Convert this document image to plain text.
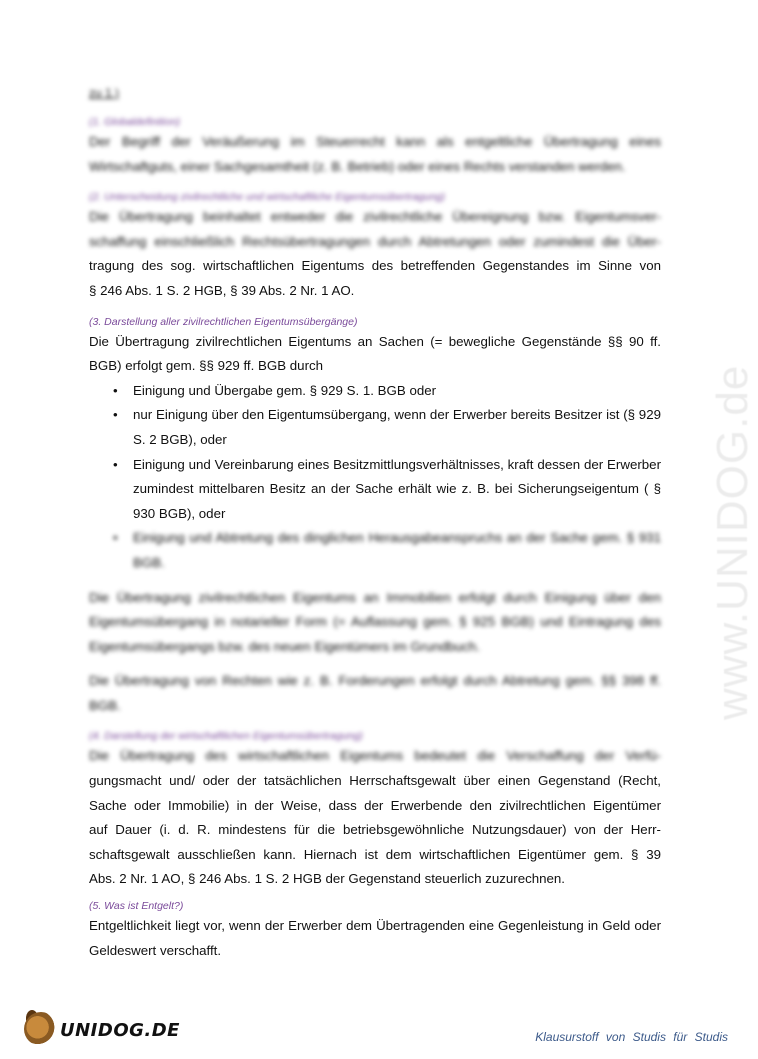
www.UNIDOG.de

zu 1.)

(1. Globaldefinition)

Der Begriff der Veräußerung im Steuerrecht kann als entgeltliche Übertragung eines Wirtschaftguts, einer Sachgesamtheit (z. B. Betrieb) oder eines Rechts verstanden werden.

(2. Unterscheidung zivilrechtliche und wirtschaftliche Eigentumsübertragung)

Die Übertragung beinhaltet entweder die zivilrechtliche Übereignung bzw. Eigentumsver-

schaffung einschließlich Rechtsübertragungen durch Abtretungen oder zumindest die Über-

tragung des sog. wirtschaftlichen Eigentums des betreffenden Gegenstandes im Sinne von

§ 246 Abs. 1 S. 2 HGB, § 39 Abs. 2 Nr. 1 AO.

(3. Darstellung aller zivilrechtlichen Eigentumsübergänge)

Die Übertragung zivilrechtlichen Eigentums an Sachen (= bewegliche Gegenstände §§ 90 ff. BGB) erfolgt gem. §§ 929 ff. BGB durch

• Einigung und Übergabe gem. § 929 S. 1. BGB oder
• nur Einigung über den Eigentumsübergang, wenn der Erwerber bereits Besitzer ist (§ 929 S. 2 BGB), oder
• Einigung und Vereinbarung eines Besitzmittlungsverhältnisses, kraft dessen der Erwerber zumindest mittelbaren Besitz an der Sache erhält wie z. B. bei Sicherungseigentum ( § 930 BGB), oder
• Einigung und Abtretung des dinglichen Herausgabeanspruchs an der Sache gem. § 931 BGB.

Die Übertragung zivilrechtlichen Eigentums an Immobilien erfolgt durch Einigung über den Eigentumsübergang in notarieller Form (= Auflassung gem. § 925 BGB) und Eintragung des Eigentumsübergangs bzw. des neuen Eigentümers im Grundbuch.

Die Übertragung von Rechten wie z. B. Forderungen erfolgt durch Abtretung gem. §§ 398 ff. BGB.

(4. Darstellung der wirtschaftlichen Eigentumsübertragung)

Die Übertragung des wirtschaftlichen Eigentums bedeutet die Verschaffung der Verfü-

gungsmacht und/ oder der tatsächlichen Herrschaftsgewalt über einen Gegenstand (Recht,

Sache oder Immobilie) in der Weise, dass der Erwerbende den zivilrechtlichen Eigentümer

auf Dauer (i. d. R. mindestens für die betriebsgewöhnliche Nutzungsdauer) von der Herr-

schaftsgewalt ausschließen kann. Hiernach ist dem wirtschaftlichen Eigentümer gem. § 39

Abs. 2 Nr. 1 AO, § 246 Abs. 1 S. 2 HGB der Gegenstand steuerlich zuzurechnen.

(5. Was ist Entgelt?)

Entgeltlichkeit liegt vor, wenn der Erwerber dem Übertragenden eine Gegenleistung in Geld oder Geldeswert verschafft.

UNIDOG.DE	Klausurstoff von Studis für Studis
